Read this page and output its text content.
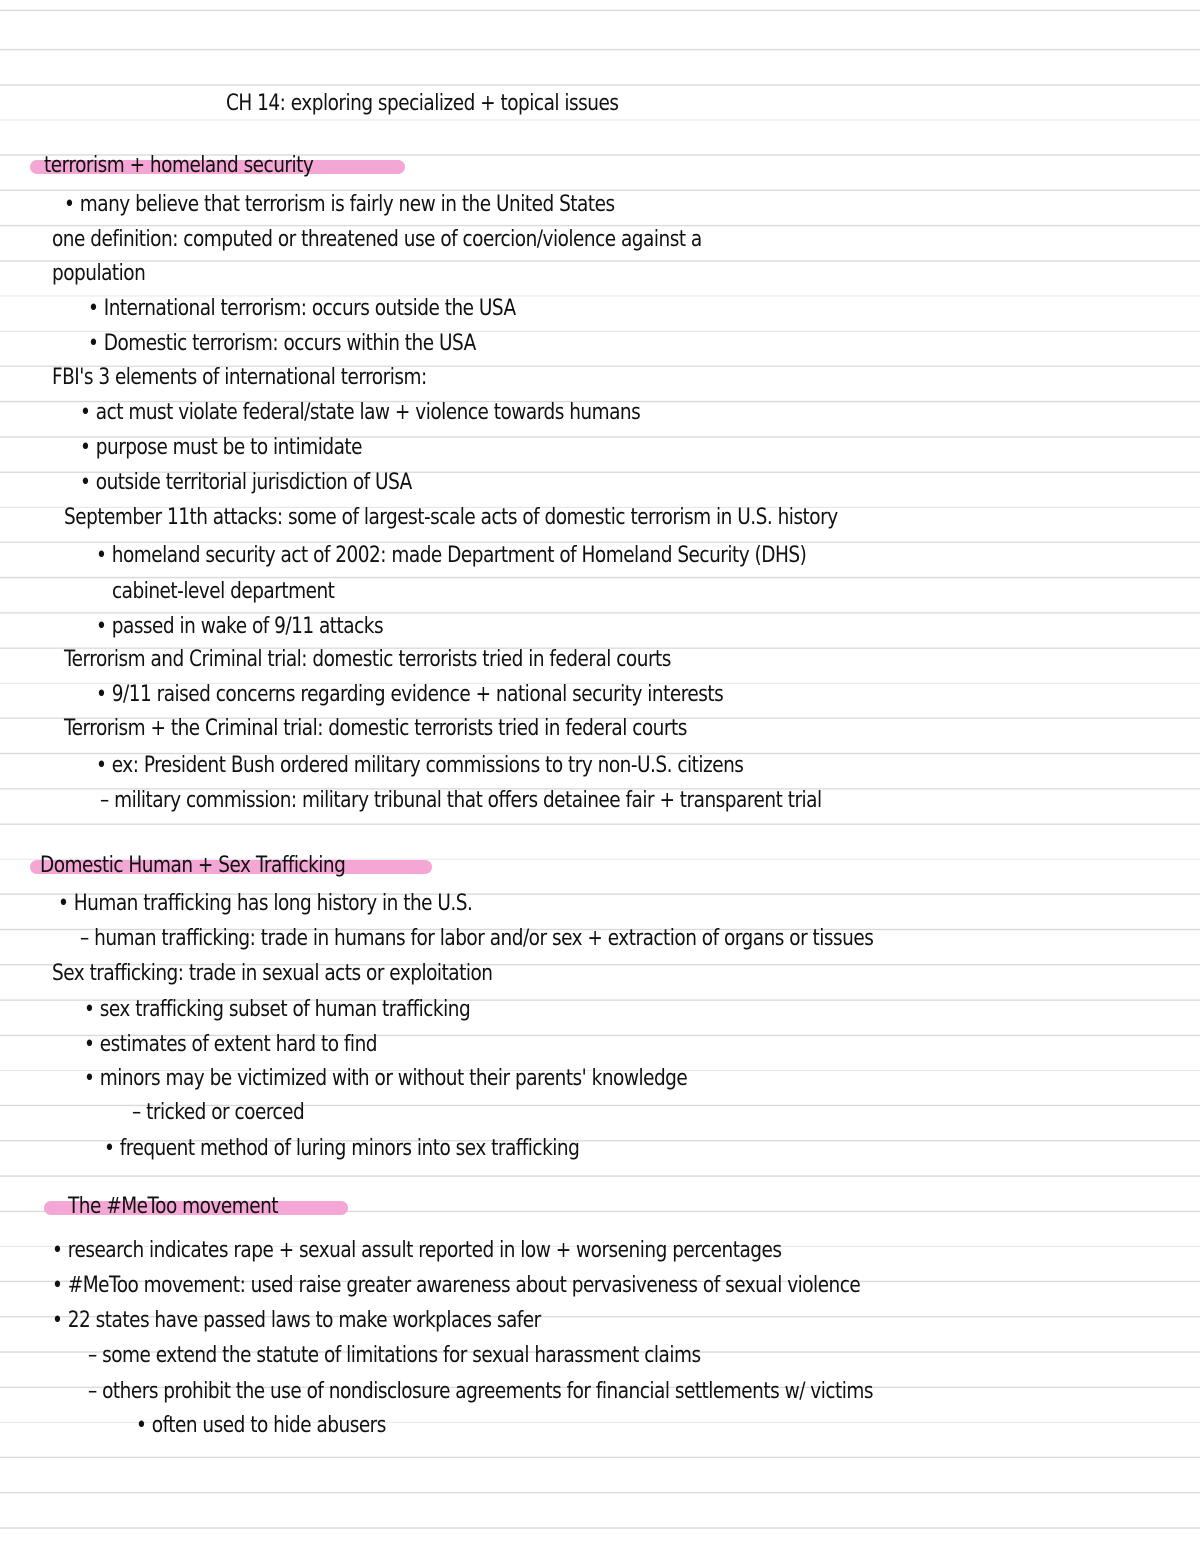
CH 14: exploring specialized + topical issues
terrorism + homeland security
• many believe that terrorism is fairly new in the United States
one definition: computed or threatened use of coercion/violence against a
population
• International terrorism: occurs outside the USA
• Domestic terrorism: occurs within the USA
FBI's 3 elements of international terrorism:
• act must violate federal/state law + violence towards humans
• purpose must be to intimidate
• outside territorial jurisdiction of USA
September 11th attacks: some of largest-scale acts of domestic terrorism in U.S. history
• homeland security act of 2002: made Department of Homeland Security (DHS)
cabinet-level department
• passed in wake of 9/11 attacks
Terrorism and Criminal trial: domestic terrorists tried in federal courts
• 9/11 raised concerns regarding evidence + national security interests
Terrorism + the Criminal trial: domestic terrorists tried in federal courts
• ex: President Bush ordered military commissions to try non-U.S. citizens
– military commission: military tribunal that offers detainee fair + transparent trial
Domestic Human + Sex Trafficking
• Human trafficking has long history in the U.S.
– human trafficking: trade in humans for labor and/or sex + extraction of organs or tissues
Sex trafficking: trade in sexual acts or exploitation
• sex trafficking subset of human trafficking
• estimates of extent hard to find
• minors may be victimized with or without their parents' knowledge
– tricked or coerced
• frequent method of luring minors into sex trafficking
The #MeToo movement
• research indicates rape + sexual assult reported in low + worsening percentages
• #MeToo movement: used raise greater awareness about pervasiveness of sexual violence
• 22 states have passed laws to make workplaces safer
– some extend the statute of limitations for sexual harassment claims
– others prohibit the use of nondisclosure agreements for financial settlements w/ victims
• often used to hide abusers
